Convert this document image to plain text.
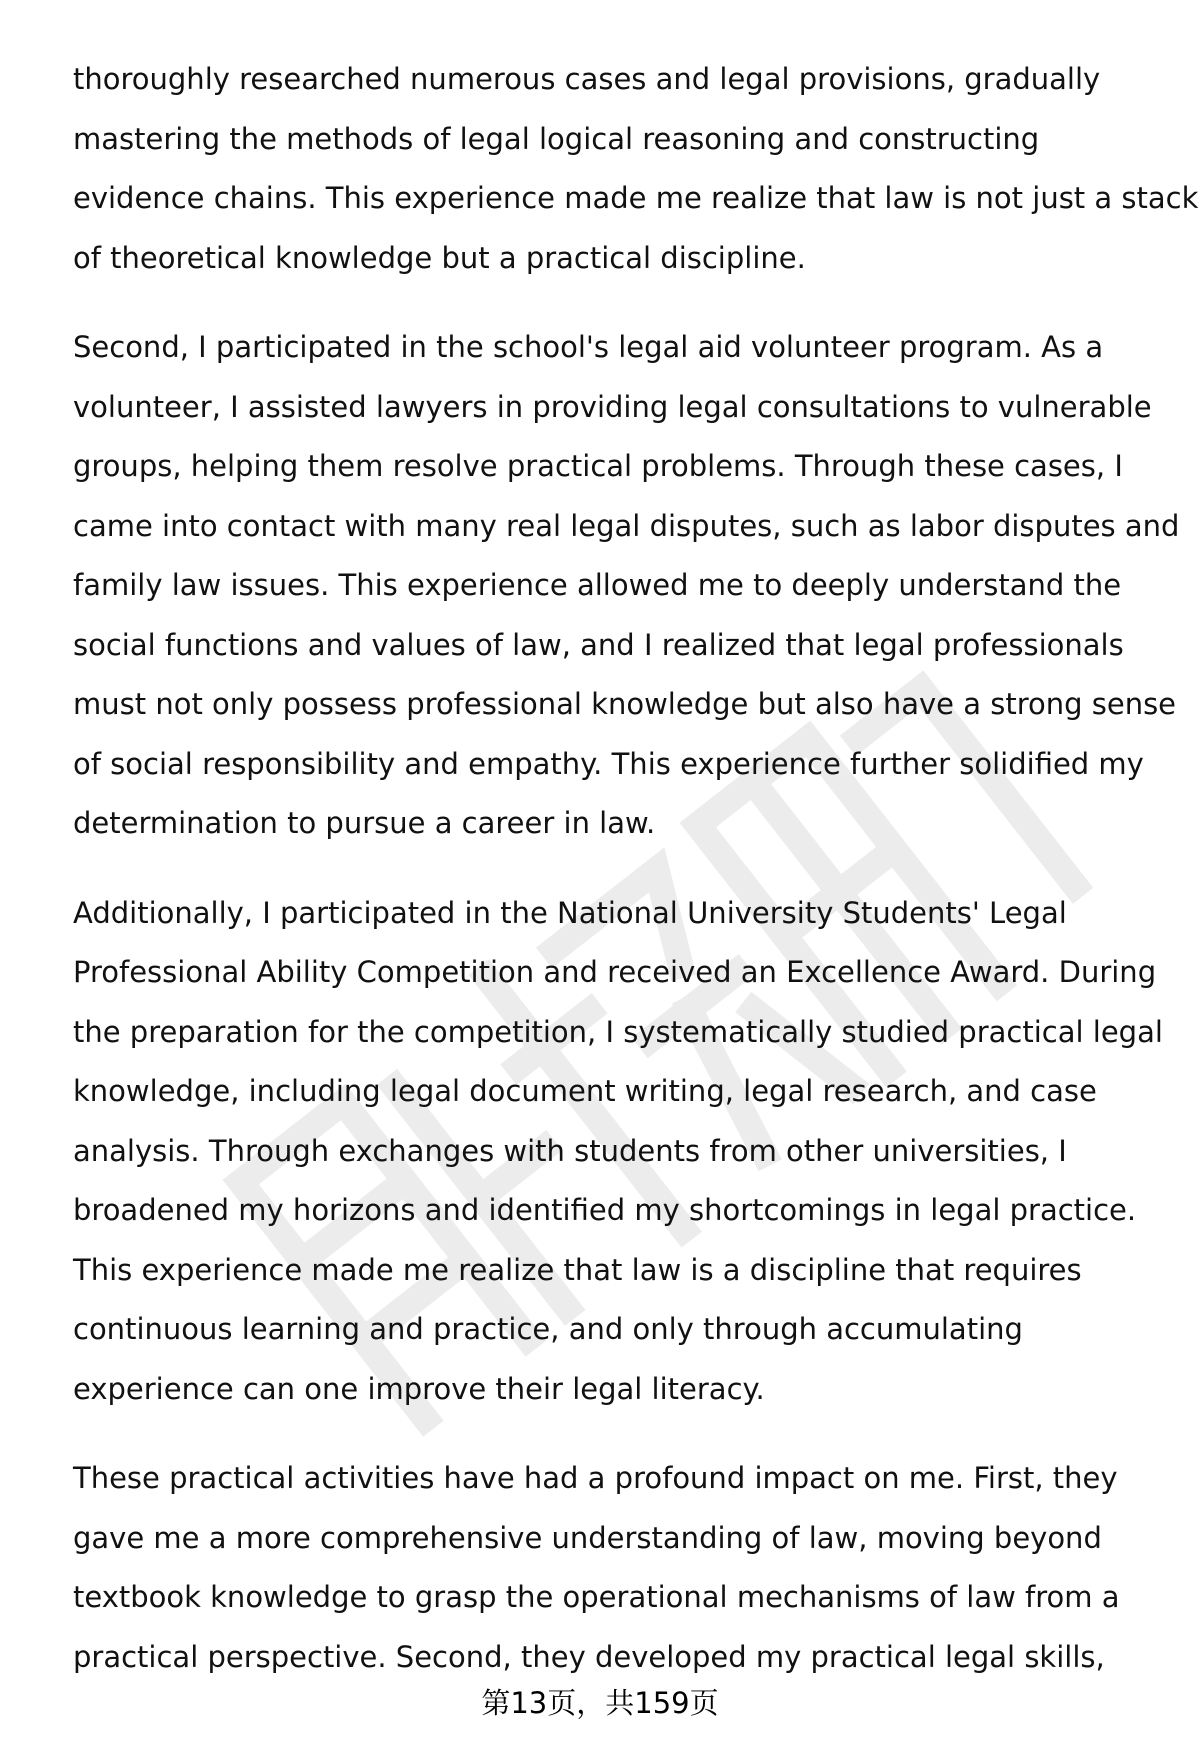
thoroughly researched numerous cases and legal provisions, gradually
mastering the methods of legal logical reasoning and constructing
evidence chains. This experience made me realize that law is not just a stack
of theoretical knowledge but a practical discipline.

Second, I participated in the school's legal aid volunteer program. As a
volunteer, I assisted lawyers in providing legal consultations to vulnerable
groups, helping them resolve practical problems. Through these cases, I
came into contact with many real legal disputes, such as labor disputes and
family law issues. This experience allowed me to deeply understand the
social functions and values of law, and I realized that legal professionals
must not only possess professional knowledge but also have a strong sense
of social responsibility and empathy. This experience further solidified my
determination to pursue a career in law.

Additionally, I participated in the National University Students' Legal
Professional Ability Competition and received an Excellence Award. During
the preparation for the competition, I systematically studied practical legal
knowledge, including legal document writing, legal research, and case
analysis. Through exchanges with students from other universities, I
broadened my horizons and identified my shortcomings in legal practice.
This experience made me realize that law is a discipline that requires
continuous learning and practice, and only through accumulating
experience can one improve their legal literacy.

These practical activities have had a profound impact on me. First, they
gave me a more comprehensive understanding of law, moving beyond
textbook knowledge to grasp the operational mechanisms of law from a
practical perspective. Second, they developed my practical legal skills,

第13页，共159页
